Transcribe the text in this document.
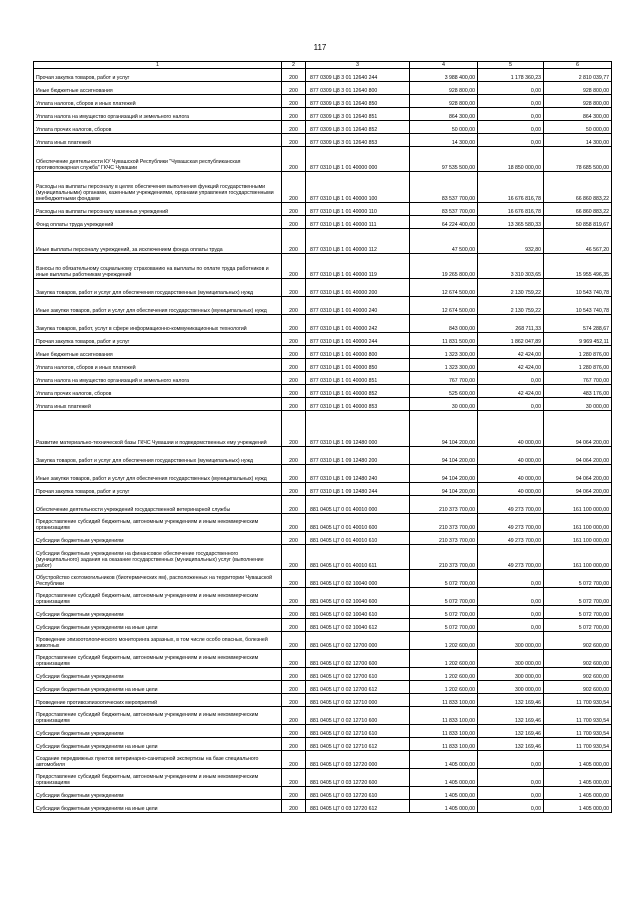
117
1	2	3	4	5	6
Прочая закупка товаров, работ и услуг	200	877 0309 Ц8 3 01 12640 244	3 988 400,00	1 178 360,23	2 810 039,77
Иные бюджетные ассигнования	200	877 0309 Ц8 3 01 12640 800	928 800,00	0,00	928 800,00
Уплата налогов, сборов и иных платежей	200	877 0309 Ц8 3 01 12640 850	928 800,00	0,00	928 800,00
Уплата налога на имущество организаций и земельного налога	200	877 0309 Ц8 3 01 12640 851	864 300,00	0,00	864 300,00
Уплата прочих налогов, сборов	200	877 0309 Ц8 3 01 12640 852	50 000,00	0,00	50 000,00
Уплата иных платежей	200	877 0309 Ц8 3 01 12640 853	14 300,00	0,00	14 300,00
Обеспечение деятельности КУ Чувашской Республики "Чувашская республиканская противопожарная служба" ГКЧС Чувашии	200	877 0310 Ц8 1 01 40000 000	97 535 500,00	18 850 000,00	78 685 500,00
Расходы на выплаты персоналу в целях обеспечения выполнения функций государственными (муниципальными) органами, казенными учреждениями, органами управления государственными внебюджетными фондами	200	877 0310 Ц8 1 01 40000 100	83 537 700,00	16 676 816,78	66 860 883,22
Расходы на выплаты персоналу казенных учреждений	200	877 0310 Ц8 1 01 40000 110	83 537 700,00	16 676 816,78	66 860 883,22
Фонд оплаты труда учреждений	200	877 0310 Ц8 1 01 40000 111	64 224 400,00	13 365 580,33	50 858 819,67
Иные выплаты персоналу учреждений, за исключением фонда оплаты труда	200	877 0310 Ц8 1 01 40000 112	47 500,00	932,80	46 567,20
Взносы по обязательному социальному страхованию на выплаты по оплате труда работников и иные выплаты работникам учреждений	200	877 0310 Ц8 1 01 40000 119	19 265 800,00	3 310 303,65	15 955 496,35
Закупка товаров, работ и услуг для обеспечения государственных (муниципальных) нужд	200	877 0310 Ц8 1 01 40000 200	12 674 500,00	2 130 759,22	10 543 740,78
Иные закупки товаров, работ и услуг для обеспечения государственных (муниципальных) нужд	200	877 0310 Ц8 1 01 40000 240	12 674 500,00	2 130 759,22	10 543 740,78
Закупка товаров, работ, услуг в сфере информационно-коммуникационных технологий	200	877 0310 Ц8 1 01 40000 242	843 000,00	268 711,33	574 288,67
Прочая закупка товаров, работ и услуг	200	877 0310 Ц8 1 01 40000 244	11 831 500,00	1 862 047,89	9 969 452,11
Иные бюджетные ассигнования	200	877 0310 Ц8 1 01 40000 800	1 323 300,00	42 424,00	1 280 876,00
Уплата налогов, сборов и иных платежей	200	877 0310 Ц8 1 01 40000 850	1 323 300,00	42 424,00	1 280 876,00
Уплата налога на имущество организаций и земельного налога	200	877 0310 Ц8 1 01 40000 851	767 700,00	0,00	767 700,00
Уплата прочих налогов, сборов	200	877 0310 Ц8 1 01 40000 852	525 600,00	42 424,00	483 176,00
Уплата иных платежей	200	877 0310 Ц8 1 01 40000 853	30 000,00	0,00	30 000,00
Развитие материально-технической базы ГКЧС Чувашии и подведомственных ему учреждений	200	877 0310 Ц8 1 09 12480 000	94 104 200,00	40 000,00	94 064 200,00
Закупка товаров, работ и услуг для обеспечения государственных (муниципальных) нужд	200	877 0310 Ц8 1 09 12480 200	94 104 200,00	40 000,00	94 064 200,00
Иные закупки товаров, работ и услуг для обеспечения государственных (муниципальных) нужд	200	877 0310 Ц8 1 09 12480 240	94 104 200,00	40 000,00	94 064 200,00
Прочая закупка товаров, работ и услуг	200	877 0310 Ц8 1 09 12480 244	94 104 200,00	40 000,00	94 064 200,00
Обеспечение деятельности учреждений государственной ветеринарной службы	200	881 0405 Ц7 0 01 40010 000	210 373 700,00	49 273 700,00	161 100 000,00
Предоставление субсидий бюджетным, автономным учреждениям и иным некоммерческим организациям	200	881 0405 Ц7 0 01 40010 600	210 373 700,00	49 273 700,00	161 100 000,00
Субсидии бюджетным учреждениям	200	881 0405 Ц7 0 01 40010 610	210 373 700,00	49 273 700,00	161 100 000,00
Субсидии бюджетным учреждениям на финансовое обеспечение государственного (муниципального) задания на оказание государственных (муниципальных) услуг (выполнение работ)	200	881 0405 Ц7 0 01 40010 611	210 373 700,00	49 273 700,00	161 100 000,00
Обустройство скотомогильников (биотермических ям), расположенных на территории Чувашской Республики	200	881 0405 Ц7 0 02 10040 000	5 072 700,00	0,00	5 072 700,00
Предоставление субсидий бюджетным, автономным учреждениям и иным некоммерческим организациям	200	881 0405 Ц7 0 02 10040 600	5 072 700,00	0,00	5 072 700,00
Субсидии бюджетным учреждениям	200	881 0405 Ц7 0 02 10040 610	5 072 700,00	0,00	5 072 700,00
Субсидии бюджетным учреждениям на иные цели	200	881 0405 Ц7 0 02 10040 612	5 072 700,00	0,00	5 072 700,00
Проведение эпизоотологического мониторинга заразных, в том числе особо опасных, болезней животных	200	881 0405 Ц7 0 02 12700 000	1 202 600,00	300 000,00	902 600,00
Предоставление субсидий бюджетным, автономным учреждениям и иным некоммерческим организациям	200	881 0405 Ц7 0 02 12700 600	1 202 600,00	300 000,00	902 600,00
Субсидии бюджетным учреждениям	200	881 0405 Ц7 0 02 12700 610	1 202 600,00	300 000,00	902 600,00
Субсидии бюджетным учреждениям на иные цели	200	881 0405 Ц7 0 02 12700 612	1 202 600,00	300 000,00	902 600,00
Проведение противоэпизоотических мероприятий	200	881 0405 Ц7 0 02 12710 000	11 833 100,00	132 169,46	11 700 930,54
Предоставление субсидий бюджетным, автономным учреждениям и иным некоммерческим организациям	200	881 0405 Ц7 0 02 12710 600	11 833 100,00	132 169,46	11 700 930,54
Субсидии бюджетным учреждениям	200	881 0405 Ц7 0 02 12710 610	11 833 100,00	132 169,46	11 700 930,54
Субсидии бюджетным учреждениям на иные цели	200	881 0405 Ц7 0 02 12710 612	11 833 100,00	132 169,46	11 700 930,54
Создание передвижных пунктов ветеринарно-санитарной экспертизы на базе специального автомобиля	200	881 0405 Ц7 0 03 12720 000	1 405 000,00	0,00	1 405 000,00
Предоставление субсидий бюджетным, автономным учреждениям и иным некоммерческим организациям	200	881 0405 Ц7 0 03 12720 600	1 405 000,00	0,00	1 405 000,00
Субсидии бюджетным учреждениям	200	881 0405 Ц7 0 03 12720 610	1 405 000,00	0,00	1 405 000,00
Субсидии бюджетным учреждениям на иные цели	200	881 0405 Ц7 0 03 12720 612	1 405 000,00	0,00	1 405 000,00
